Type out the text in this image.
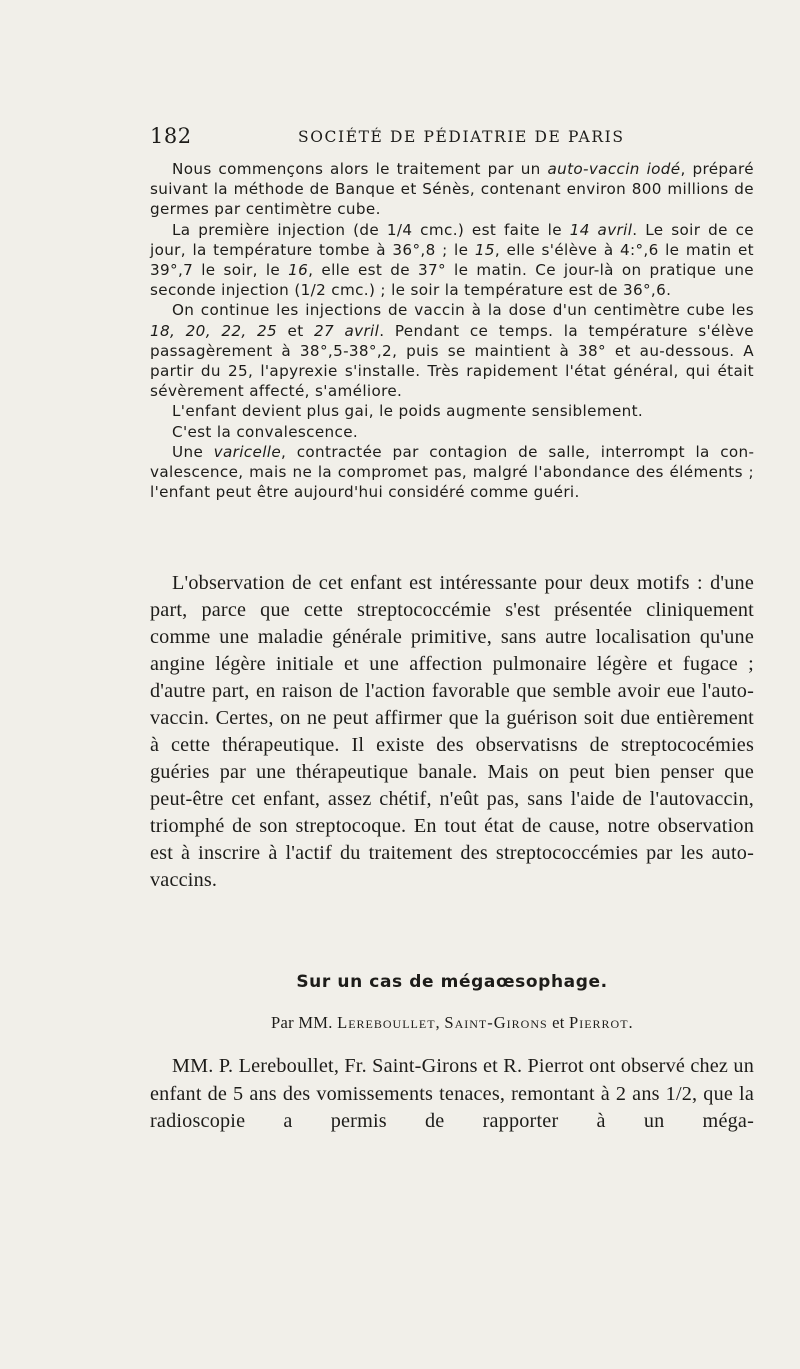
182	SOCIÉTÉ DE PÉDIATRIE DE PARIS

Nous commençons alors le traitement par un auto-vaccin iodé, préparé suivant la méthode de Banque et Sénès, contenant environ 800 millions de germes par centimètre cube.

La première injection (de 1/4 cmc.) est faite le 14 avril. Le soir de ce jour, la température tombe à 36°,8 ; le 15, elle s'élève à 4:°,6 le matin et 39°,7 le soir, le 16, elle est de 37° le matin. Ce jour-là on pratique une seconde injection (1/2 cmc.) ; le soir la température est de 36°,6.

On continue les injections de vaccin à la dose d'un centimètre cube les 18, 20, 22, 25 et 27 avril. Pendant ce temps. la température s'élève passagèrement à 38°,5-38°,2, puis se maintient à 38° et au-dessous. A partir du 25, l'apyrexie s'installe. Très rapidement l'état général, qui était sévèrement affecté, s'améliore.

L'enfant devient plus gai, le poids augmente sensiblement.

C'est la convalescence.

Une varicelle, contractée par contagion de salle, interrompt la convalescence, mais ne la compromet pas, malgré l'abondance des éléments ; l'enfant peut être aujourd'hui considéré comme guéri.

L'observation de cet enfant est intéressante pour deux motifs : d'une part, parce que cette streptococcémie s'est présentée cliniquement comme une maladie générale primitive, sans autre localisation qu'une angine légère initiale et une affection pulmonaire légère et fugace ; d'autre part, en raison de l'action favorable que semble avoir eue l'auto-vaccin. Certes, on ne peut affirmer que la guérison soit due entièrement à cette thérapeutique. Il existe des observatisns de streptococémies guéries par une thérapeutique banale. Mais on peut bien penser que peut-être cet enfant, assez chétif, n'eût pas, sans l'aide de l'autovaccin, triomphé de son streptocoque. En tout état de cause, notre observation est à inscrire à l'actif du traitement des streptococcémies par les auto-vaccins.

Sur un cas de mégaœsophage.
Par MM. Lereboullet, Saint-Girons et Pierrot.

MM. P. Lereboullet, Fr. Saint-Girons et R. Pierrot ont observé chez un enfant de 5 ans des vomissements tenaces, remontant à 2 ans 1/2, que la radioscopie a permis de rapporter à un méga-
